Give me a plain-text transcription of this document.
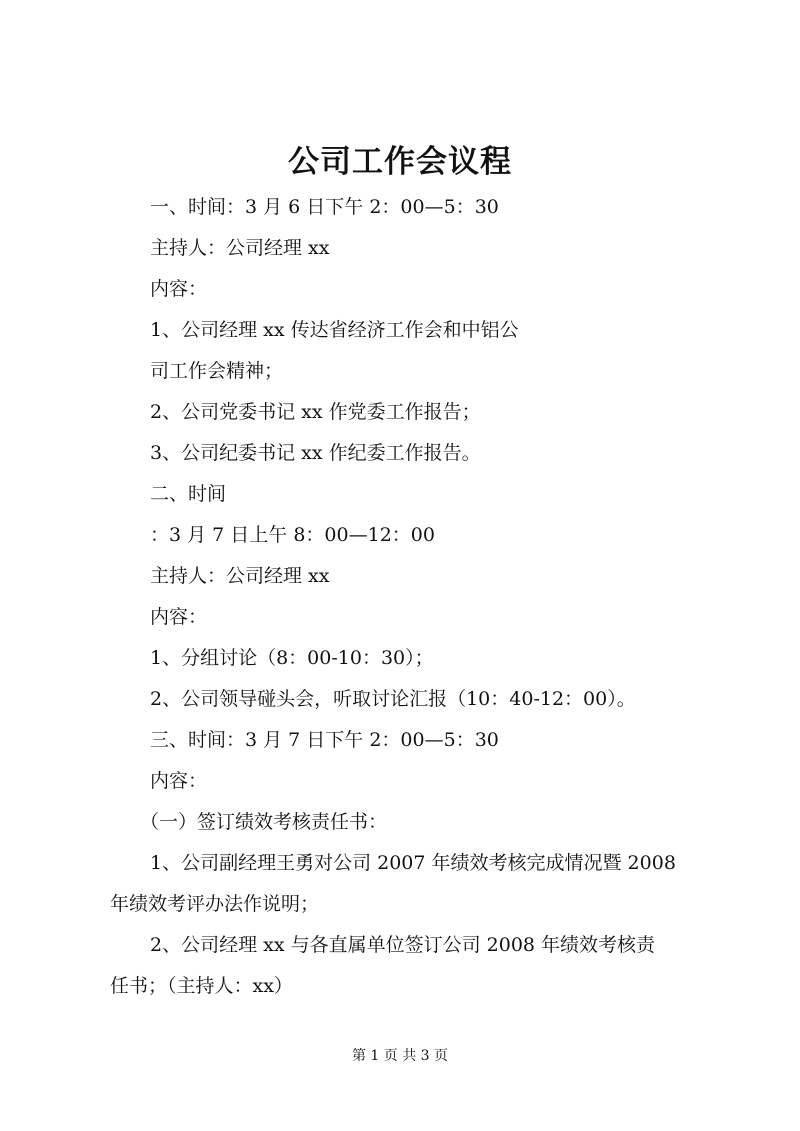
公司工作会议程
一、时间：3 月 6 日下午 2：00—5：30
主持人：公司经理 xx
内容：
1、公司经理 xx 传达省经济工作会和中铝公
司工作会精神；
2、公司党委书记 xx 作党委工作报告；
3、公司纪委书记 xx 作纪委工作报告。
二、时间
：3 月 7 日上午 8：00—12：00
主持人：公司经理 xx
内容：
1、分组讨论（8：00-10：30）；
2、公司领导碰头会，听取讨论汇报（10：40-12：00）。
三、时间：3 月 7 日下午 2：00—5：30
内容：
（一）签订绩效考核责任书：
1、公司副经理王勇对公司 2007 年绩效考核完成情况暨 2008
年绩效考评办法作说明；
2、公司经理 xx 与各直属单位签订公司 2008 年绩效考核责
任书；（主持人：xx）
第 1 页 共 3 页
